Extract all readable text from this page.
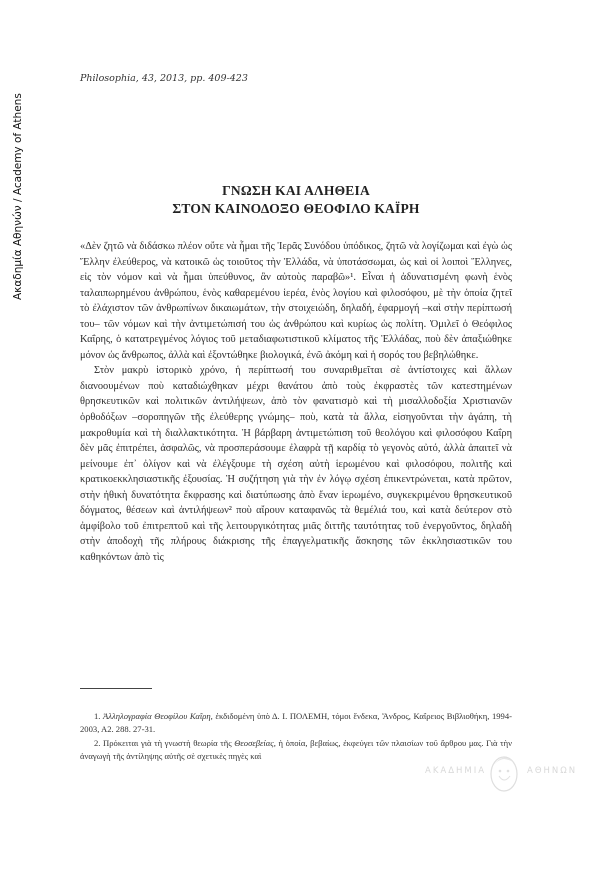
Ακαδημία Αθηνών / Academy of Athens
Philosophia, 43, 2013, pp. 409-423
ΓΝΩΣΗ ΚΑΙ ΑΛΗΘΕΙΑ
ΣΤΟΝ ΚΑΙΝΟΔΟΞΟ ΘΕΟΦΙΛΟ ΚΑΪΡΗ

«Δὲν ζητῶ νὰ διδάσκω πλέον οὔτε νὰ ἦμαι τῆς Ἱερᾶς Συνόδου ὑπόδικος, ζητῶ νὰ λογίζωμαι καὶ ἐγὼ ὡς Ἕλλην ἐλεύθερος, νὰ κατοικῶ ὡς τοιοῦτος τὴν Ἑλλάδα, νὰ ὑποτάσσωμαι, ὡς καὶ οἱ λοιποὶ Ἕλληνες, εἰς τὸν νόμον καὶ νὰ ἦμαι ὑπεύθυνος, ἂν αὐτοὺς παραβῶ»¹. Εἶναι ἡ ἀδυνατισμένη φωνὴ ἑνὸς ταλαιπωρημένου ἀνθρώπου, ἑνὸς καθαρεμένου ἱερέα, ἑνὸς λογίου καὶ φιλοσόφου, μὲ τὴν ὁποία ζητεῖ τὸ ἐλάχιστον τῶν ἀνθρωπίνων δικαιωμάτων, τὴν στοιχειώδη, δηλαδή, ἐφαρμογή –καὶ στὴν περίπτωσή του– τῶν νόμων καὶ τὴν ἀντιμετώπισή του ὡς ἀνθρώπου καὶ κυρίως ὡς πολίτη. Ὁμιλεῖ ὁ Θεόφιλος Καΐρης, ὁ κατατρεγμένος λόγιος τοῦ μεταδιαφωτιστικοῦ κλίματος τῆς Ἑλλάδας, ποὺ δὲν ἀπαξιώθηκε μόνον ὡς ἄνθρωπος, ἀλλὰ καὶ ἐξοντώθηκε βιολογικά, ἐνῶ ἀκόμη καὶ ἡ σορός του βεβηλώθηκε.

Στὸν μακρὺ ἱστορικὸ χρόνο, ἡ περίπτωσή του συναριθμεῖται σὲ ἀντίστοιχες καὶ ἄλλων διανοουμένων ποὺ καταδιώχθηκαν μέχρι θανάτου ἀπὸ τοὺς ἐκφραστὲς τῶν κατεστημένων θρησκευτικῶν καὶ πολιτικῶν ἀντιλήψεων, ἀπὸ τὸν φανατισμὸ καὶ τὴ μισαλλοδοξία Χριστιανῶν ὀρθοδόξων –σοροπηγῶν τῆς ἐλεύθερης γνώμης– ποὺ, κατὰ τὰ ἄλλα, εἰσηγοῦνται τὴν ἀγάπη, τὴ μακροθυμία καὶ τὴ διαλλακτικότητα. Ἡ βάρβαρη ἀντιμετώπιση τοῦ θεολόγου καὶ φιλοσόφου Καΐρη δὲν μᾶς ἐπιτρέπει, ἀσφαλῶς, νὰ προσπεράσουμε ἐλαφρὰ τῇ καρδίᾳ τὸ γεγονὸς αὐτό, ἀλλὰ ἀπαιτεῖ νὰ μείνουμε ἐπ᾽ ὀλίγον καὶ νὰ ἐλέγξουμε τὴ σχέση αὐτὴ ἱερωμένου καὶ φιλοσόφου, πολιτῆς καὶ κρατικοεκκλησιαστικῆς ἐξουσίας. Ἡ συζήτηση γιὰ τὴν ἐν λόγῳ σχέση ἐπικεντρώνεται, κατὰ πρῶτον, στὴν ἠθικὴ δυνατότητα ἔκφρασης καὶ διατύπωσης ἀπὸ ἕναν ἱερωμένο, συγκεκριμένου θρησκευτικοῦ δόγματος, θέσεων καὶ ἀντιλήψεων² ποὺ αἴρουν καταφανῶς τὰ θεμέλιά του, καὶ κατὰ δεύτερον στὸ ἀμφίβολο τοῦ ἐπιτρεπτοῦ καὶ τῆς λειτουργικότητας μιᾶς διττῆς ταυτότητας τοῦ ἐνεργοῦντος, δηλαδὴ στὴν ἀποδοχὴ τῆς πλήρους διάκρισης τῆς ἐπαγγελματικῆς ἄσκησης τῶν ἐκκλησιαστικῶν του καθηκόντων ἀπὸ τὶς

1. Ἀλληλογραφία Θεοφίλου Καΐρη, ἐκδιδομένη ὑπὸ Δ. Ι. ΠΟΛΕΜΗ, τόμοι ἕνδεκα, Ἄνδρος, Καΐρειος Βιβλιοθήκη, 1994-2003, Α2. 288. 27-31.

2. Πρόκειται γιὰ τὴ γνωστὴ θεωρία τῆς Θεοσεβείας, ἡ ὁποία, βεβαίως, ἐκφεύγει τῶν πλαισίων τοῦ ἄρθρου μας. Γιὰ τὴν ἀναγωγὴ τῆς ἀντίληψης αὐτῆς σὲ σχετικὲς πηγὲς καὶ

ΑΚΑΔΗΜΙΑ	ΑΘΗΝΩΝ
